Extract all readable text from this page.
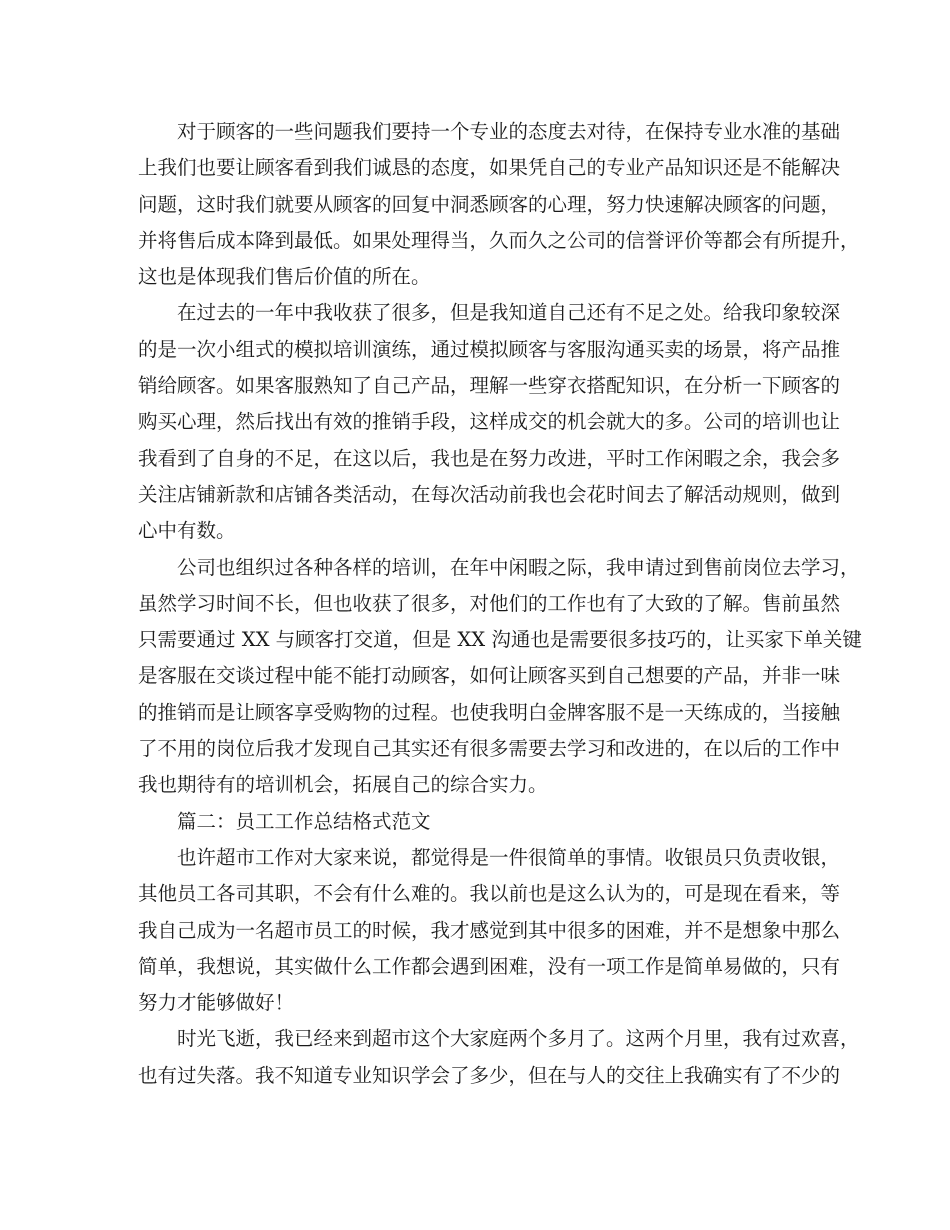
对于顾客的一些问题我们要持一个专业的态度去对待，在保持专业水准的基础
上我们也要让顾客看到我们诚恳的态度，如果凭自己的专业产品知识还是不能解决
问题，这时我们就要从顾客的回复中洞悉顾客的心理，努力快速解决顾客的问题，
并将售后成本降到最低。如果处理得当，久而久之公司的信誉评价等都会有所提升，
这也是体现我们售后价值的所在。
在过去的一年中我收获了很多，但是我知道自己还有不足之处。给我印象较深
的是一次小组式的模拟培训演练，通过模拟顾客与客服沟通买卖的场景，将产品推
销给顾客。如果客服熟知了自己产品，理解一些穿衣搭配知识，在分析一下顾客的
购买心理，然后找出有效的推销手段，这样成交的机会就大的多。公司的培训也让
我看到了自身的不足，在这以后，我也是在努力改进，平时工作闲暇之余，我会多
关注店铺新款和店铺各类活动，在每次活动前我也会花时间去了解活动规则，做到
心中有数。
公司也组织过各种各样的培训，在年中闲暇之际，我申请过到售前岗位去学习，
虽然学习时间不长，但也收获了很多，对他们的工作也有了大致的了解。售前虽然
只需要通过 XX 与顾客打交道，但是 XX 沟通也是需要很多技巧的，让买家下单关键
是客服在交谈过程中能不能打动顾客，如何让顾客买到自己想要的产品，并非一味
的推销而是让顾客享受购物的过程。也使我明白金牌客服不是一天练成的，当接触
了不用的岗位后我才发现自己其实还有很多需要去学习和改进的，在以后的工作中
我也期待有的培训机会，拓展自己的综合实力。
篇二：员工工作总结格式范文
也许超市工作对大家来说，都觉得是一件很简单的事情。收银员只负责收银，
其他员工各司其职，不会有什么难的。我以前也是这么认为的，可是现在看来，等
我自己成为一名超市员工的时候，我才感觉到其中很多的困难，并不是想象中那么
简单，我想说，其实做什么工作都会遇到困难，没有一项工作是简单易做的，只有
努力才能够做好！
时光飞逝，我已经来到超市这个大家庭两个多月了。这两个月里，我有过欢喜，
也有过失落。我不知道专业知识学会了多少，但在与人的交往上我确实有了不少的
